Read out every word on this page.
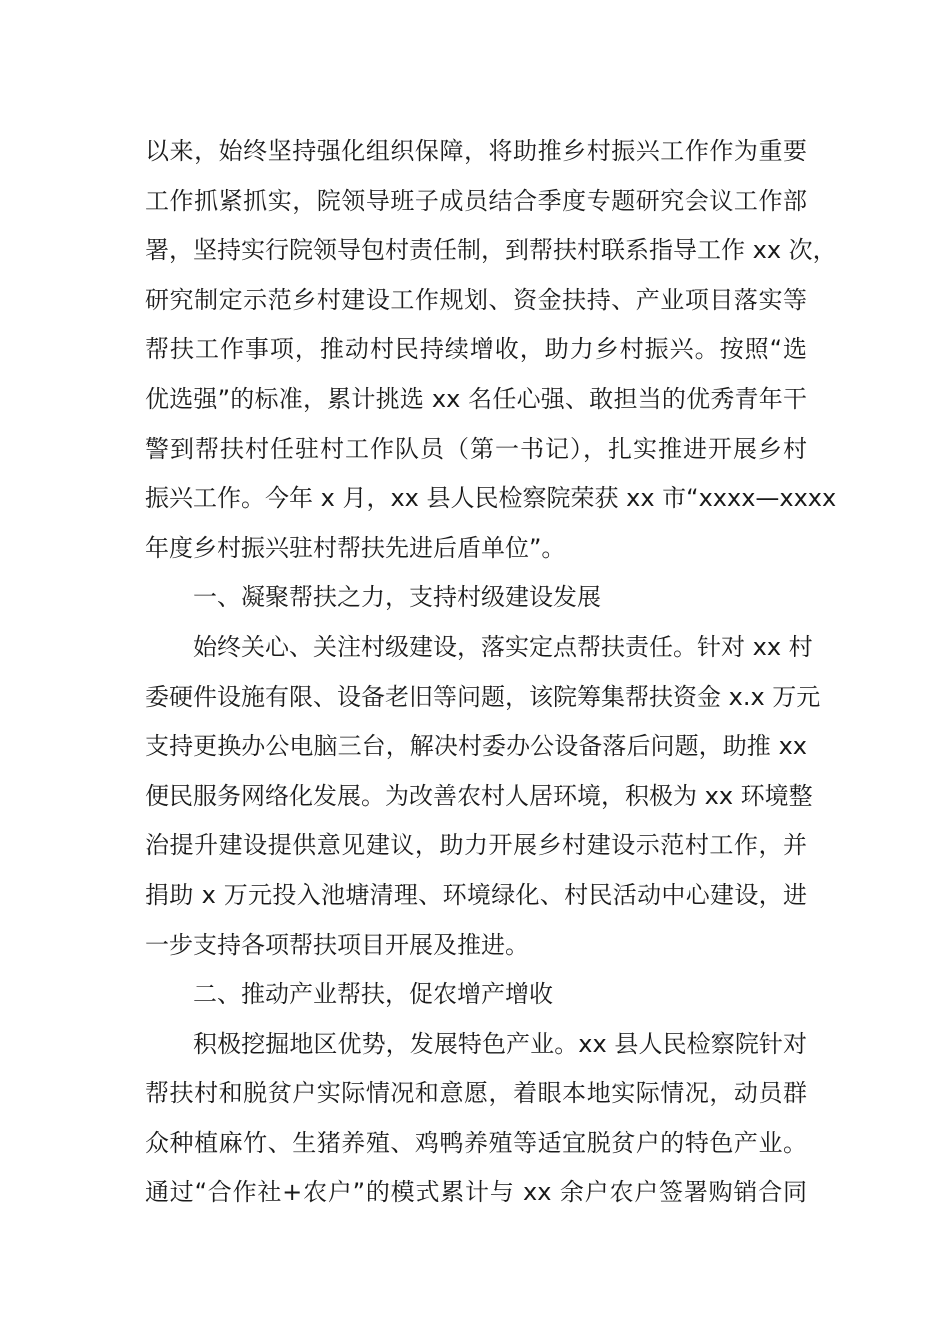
以来，始终坚持强化组织保障，将助推乡村振兴工作作为重要
工作抓紧抓实，院领导班子成员结合季度专题研究会议工作部
署，坚持实行院领导包村责任制，到帮扶村联系指导工作 xx 次，
研究制定示范乡村建设工作规划、资金扶持、产业项目落实等
帮扶工作事项，推动村民持续增收，助力乡村振兴。按照“选
优选强”的标准，累计挑选 xx 名任心强、敢担当的优秀青年干
警到帮扶村任驻村工作队员（第一书记），扎实推进开展乡村
振兴工作。今年 x 月，xx 县人民检察院荣获 xx 市“xxxx—xxxx
年度乡村振兴驻村帮扶先进后盾单位”。
一、凝聚帮扶之力，支持村级建设发展
始终关心、关注村级建设，落实定点帮扶责任。针对 xx 村
委硬件设施有限、设备老旧等问题，该院筹集帮扶资金 x.x 万元
支持更换办公电脑三台，解决村委办公设备落后问题，助推 xx
便民服务网络化发展。为改善农村人居环境，积极为 xx 环境整
治提升建设提供意见建议，助力开展乡村建设示范村工作，并
捐助 x 万元投入池塘清理、环境绿化、村民活动中心建设，进
一步支持各项帮扶项目开展及推进。
二、推动产业帮扶，促农增产增收
积极挖掘地区优势，发展特色产业。xx 县人民检察院针对
帮扶村和脱贫户实际情况和意愿，着眼本地实际情况，动员群
众种植麻竹、生猪养殖、鸡鸭养殖等适宜脱贫户的特色产业。
通过“合作社+农户”的模式累计与 xx 余户农户签署购销合同
